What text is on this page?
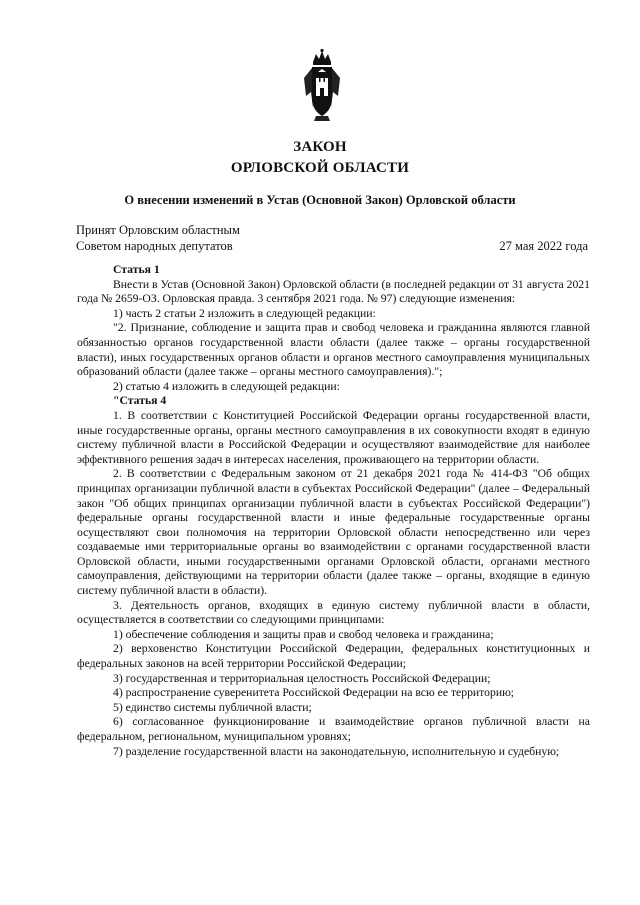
ЗАКОН
ОРЛОВСКОЙ ОБЛАСТИ
О внесении изменений в Устав (Основной Закон) Орловской области
Принят Орловским областным
Советом народных депутатов	27 мая 2022 года

Статья 1

Внести в Устав (Основной Закон) Орловской области (в последней редакции от 31 августа 2021 года № 2659-ОЗ. Орловская правда. 3 сентября 2021 года. № 97) следующие изменения:

1) часть 2 статьи 2 изложить в следующей редакции:

"2. Признание, соблюдение и защита прав и свобод человека и гражданина являются главной обязанностью органов государственной власти области (далее также – органы государственной власти), иных государственных органов области и органов местного самоуправления муниципальных образований области (далее также – органы местного самоуправления).";

2) статью 4 изложить в следующей редакции:

"Статья 4

1. В соответствии с Конституцией Российской Федерации органы государственной власти, иные государственные органы, органы местного самоуправления в их совокупности входят в единую систему публичной власти в Российской Федерации и осуществляют взаимодействие для наиболее эффективного решения задач в интересах населения, проживающего на территории области.

2. В соответствии с Федеральным законом от 21 декабря 2021 года № 414-ФЗ "Об общих принципах организации публичной власти в субъектах Российской Федерации" (далее – Федеральный закон "Об общих принципах организации публичной власти в субъектах Российской Федерации") федеральные органы государственной власти и иные федеральные государственные органы осуществляют свои полномочия на территории Орловской области непосредственно или через создаваемые ими территориальные органы во взаимодействии с органами государственной власти Орловской области, иными государственными органами Орловской области, органами местного самоуправления, действующими на территории области (далее также – органы, входящие в единую систему публичной власти в области).

3. Деятельность органов, входящих в единую систему публичной власти в области, осуществляется в соответствии со следующими принципами:

1) обеспечение соблюдения и защиты прав и свобод человека и гражданина;

2) верховенство Конституции Российской Федерации, федеральных конституционных и федеральных законов на всей территории Российской Федерации;

3) государственная и территориальная целостность Российской Федерации;

4) распространение суверенитета Российской Федерации на всю ее территорию;

5) единство системы публичной власти;

6) согласованное функционирование и взаимодействие органов публичной власти на федеральном, региональном, муниципальном уровнях;

7) разделение государственной власти на законодательную, исполнительную и судебную;
